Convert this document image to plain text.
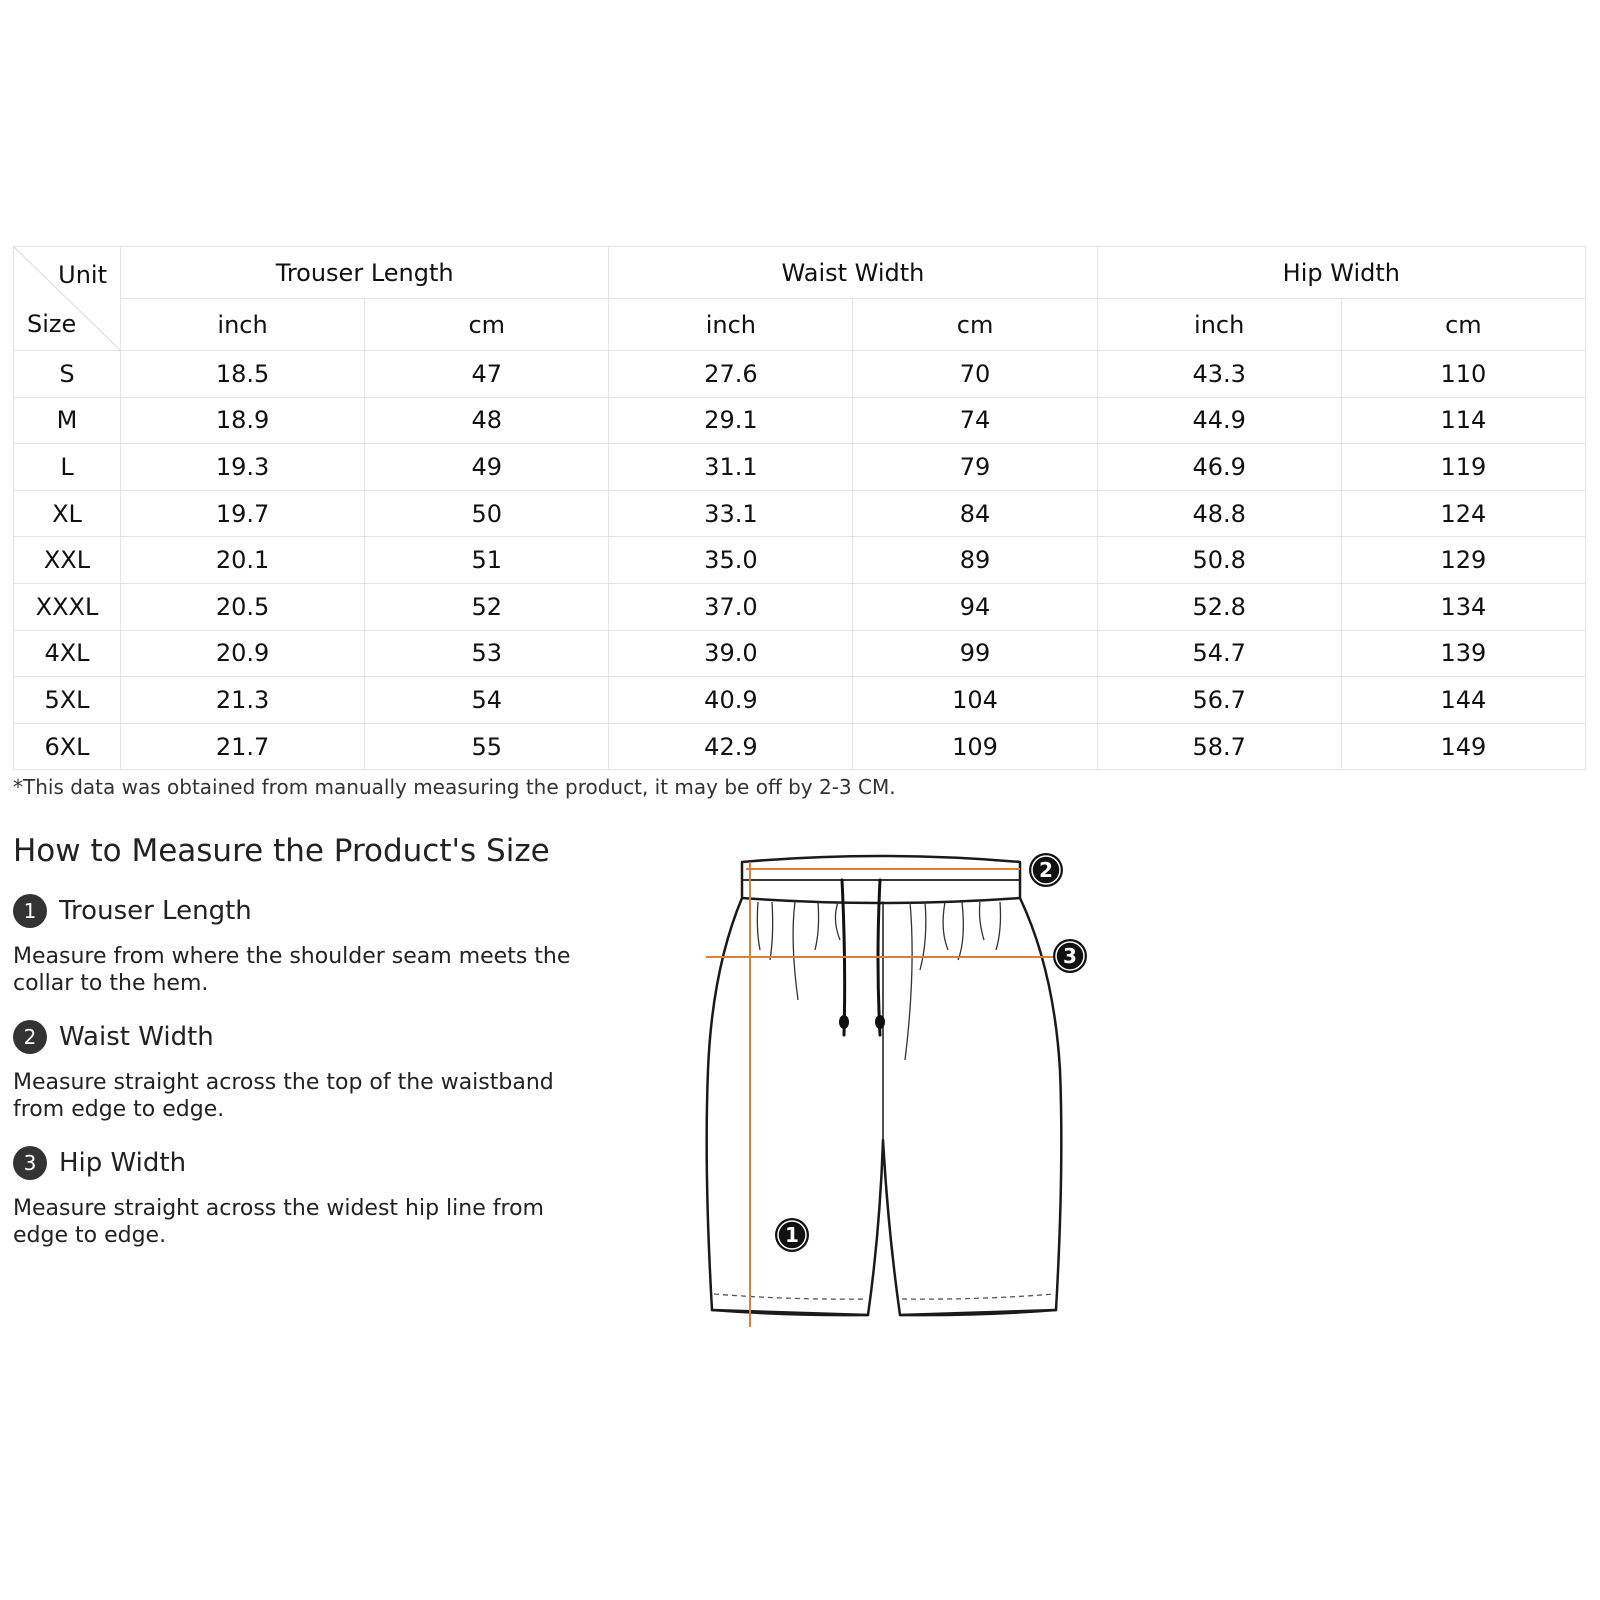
Unit
Size	Trouser Length		Waist Width		Hip Width	
	inch	cm	inch	cm	inch	cm
S	18.5	47	27.6	70	43.3	110
M	18.9	48	29.1	74	44.9	114
L	19.3	49	31.1	79	46.9	119
XL	19.7	50	33.1	84	48.8	124
XXL	20.1	51	35.0	89	50.8	129
XXXL	20.5	52	37.0	94	52.8	134
4XL	20.9	53	39.0	99	54.7	139
5XL	21.3	54	40.9	104	56.7	144
6XL	21.7	55	42.9	109	58.7	149
*This data was obtained from manually measuring the product, it may be off by 2-3 CM.
How to Measure the Product's Size
1 Trouser Length
Measure from where the shoulder seam meets the collar to the hem.
2 Waist Width
Measure straight across the top of the waistband from edge to edge.
3 Hip Width
Measure straight across the widest hip line from edge to edge.
2
3
1
